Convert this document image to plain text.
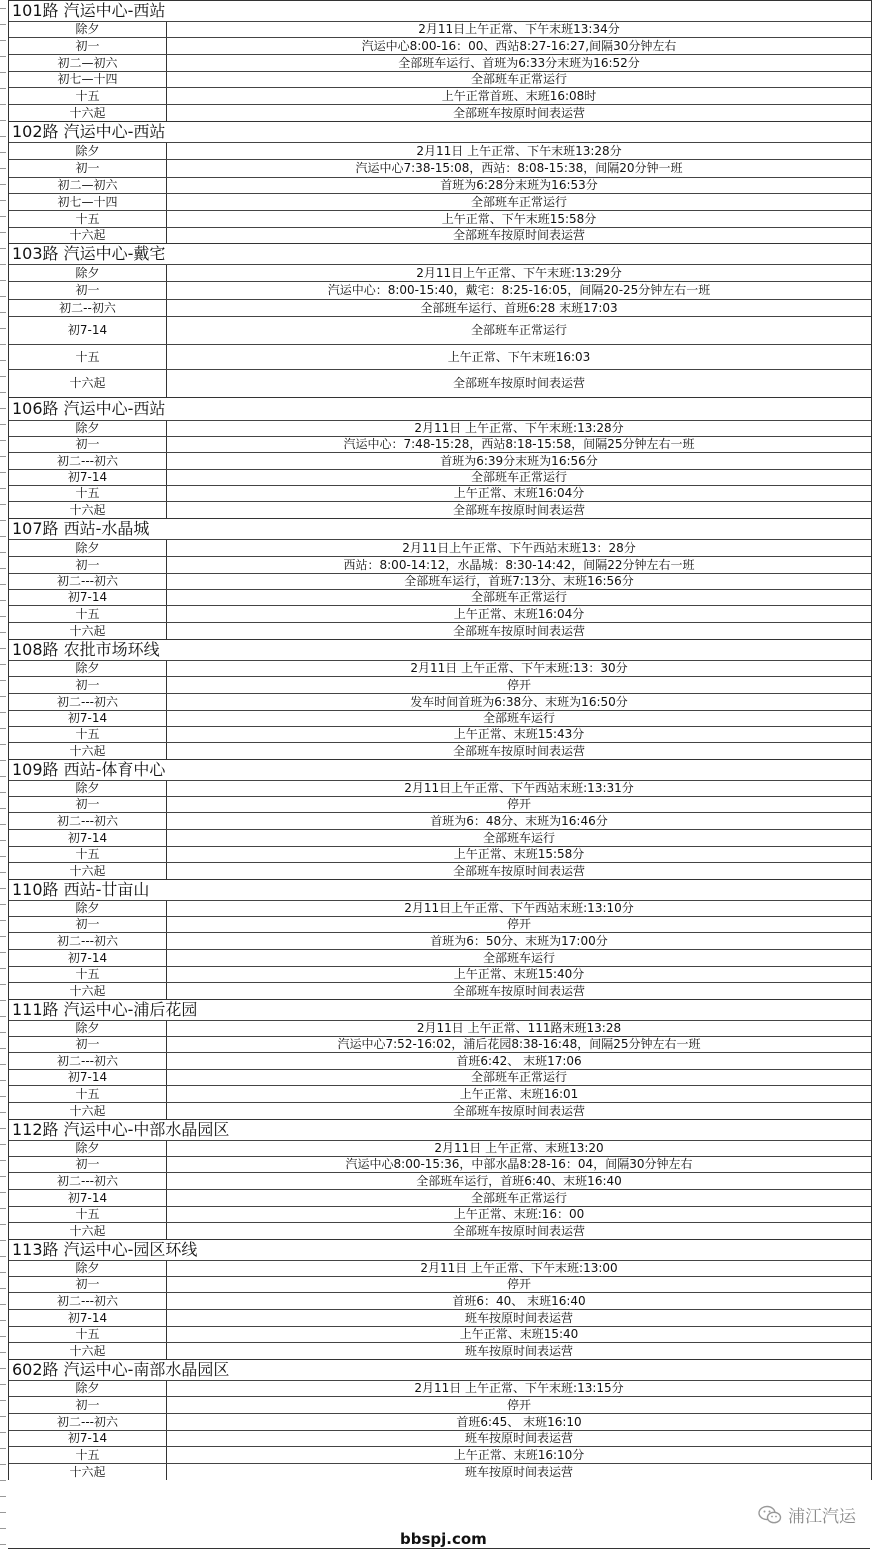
101路 汽运中心-西站
除夕	2月11日上午正常、下午末班13:34分
初一	汽运中心8:00-16：00、西站8:27-16:27,间隔30分钟左右
初二—初六	全部班车运行、首班为6:33分末班为16:52分
初七—十四	全部班车正常运行
十五	上午正常首班、末班16:08时
十六起	全部班车按原时间表运营
102路 汽运中心-西站
除夕	2月11日 上午正常、下午末班13:28分
初一	汽运中心7:38-15:08，西站：8:08-15:38，间隔20分钟一班
初二—初六	首班为6:28分末班为16:53分
初七—十四	全部班车正常运行
十五	上午正常、下午末班15:58分
十六起	全部班车按原时间表运营
103路 汽运中心-戴宅
除夕	2月11日上午正常、下午末班:13:29分
初一	汽运中心：8:00-15:40，戴宅：8:25-16:05，间隔20-25分钟左右一班
初二--初六	全部班车运行、首班6:28 末班17:03
初7-14	全部班车正常运行
十五	上午正常、下午末班16:03
十六起	全部班车按原时间表运营
106路 汽运中心-西站
除夕	2月11日 上午正常、下午末班:13:28分
初一	汽运中心：7:48-15:28，西站8:18-15:58，间隔25分钟左右一班
初二---初六	首班为6:39分末班为16:56分
初7-14	全部班车正常运行
十五	上午正常、末班16:04分
十六起	全部班车按原时间表运营
107路 西站-水晶城
除夕	2月11日上午正常、下午西站末班13：28分
初一	西站：8:00-14:12，水晶城：8:30-14:42，间隔22分钟左右一班
初二---初六	全部班车运行，首班7:13分、末班16:56分
初7-14	全部班车正常运行
十五	上午正常、末班16:04分
十六起	全部班车按原时间表运营
108路 农批市场环线
除夕	2月11日 上午正常、下午末班:13：30分
初一	停开
初二---初六	发车时间首班为6:38分、末班为16:50分
初7-14	全部班车运行
十五	上午正常、末班15:43分
十六起	全部班车按原时间表运营
109路 西站-体育中心
除夕	2月11日上午正常、下午西站末班:13:31分
初一	停开
初二---初六	首班为6：48分、末班为16:46分
初7-14	全部班车运行
十五	上午正常、末班15:58分
十六起	全部班车按原时间表运营
110路 西站-廿亩山
除夕	2月11日上午正常、下午西站末班:13:10分
初一	停开
初二---初六	首班为6：50分、末班为17:00分
初7-14	全部班车运行
十五	上午正常、末班15:40分
十六起	全部班车按原时间表运营
111路 汽运中心-浦后花园
除夕	2月11日 上午正常、111路末班13:28
初一	汽运中心7:52-16:02，浦后花园8:38-16:48，间隔25分钟左右一班
初二---初六	首班6:42、 末班17:06
初7-14	全部班车正常运行
十五	上午正常、末班16:01
十六起	全部班车按原时间表运营
112路 汽运中心-中部水晶园区
除夕	2月11日 上午正常、末班13:20
初一	汽运中心8:00-15:36，中部水晶8:28-16：04，间隔30分钟左右
初二---初六	全部班车运行，首班6:40、末班16:40
初7-14	全部班车正常运行
十五	上午正常、末班:16：00
十六起	全部班车按原时间表运营
113路 汽运中心-园区环线
除夕	2月11日 上午正常、下午末班:13:00
初一	停开
初二---初六	首班6：40、 末班16:40
初7-14	班车按原时间表运营
十五	上午正常、末班15:40
十六起	班车按原时间表运营
602路 汽运中心-南部水晶园区
除夕	2月11日 上午正常、下午末班:13:15分
初一	停开
初二---初六	首班6:45、 末班16:10
初7-14	班车按原时间表运营
十五	上午正常、末班16:10分
十六起	班车按原时间表运营
浦江汽运
bbspj.com
